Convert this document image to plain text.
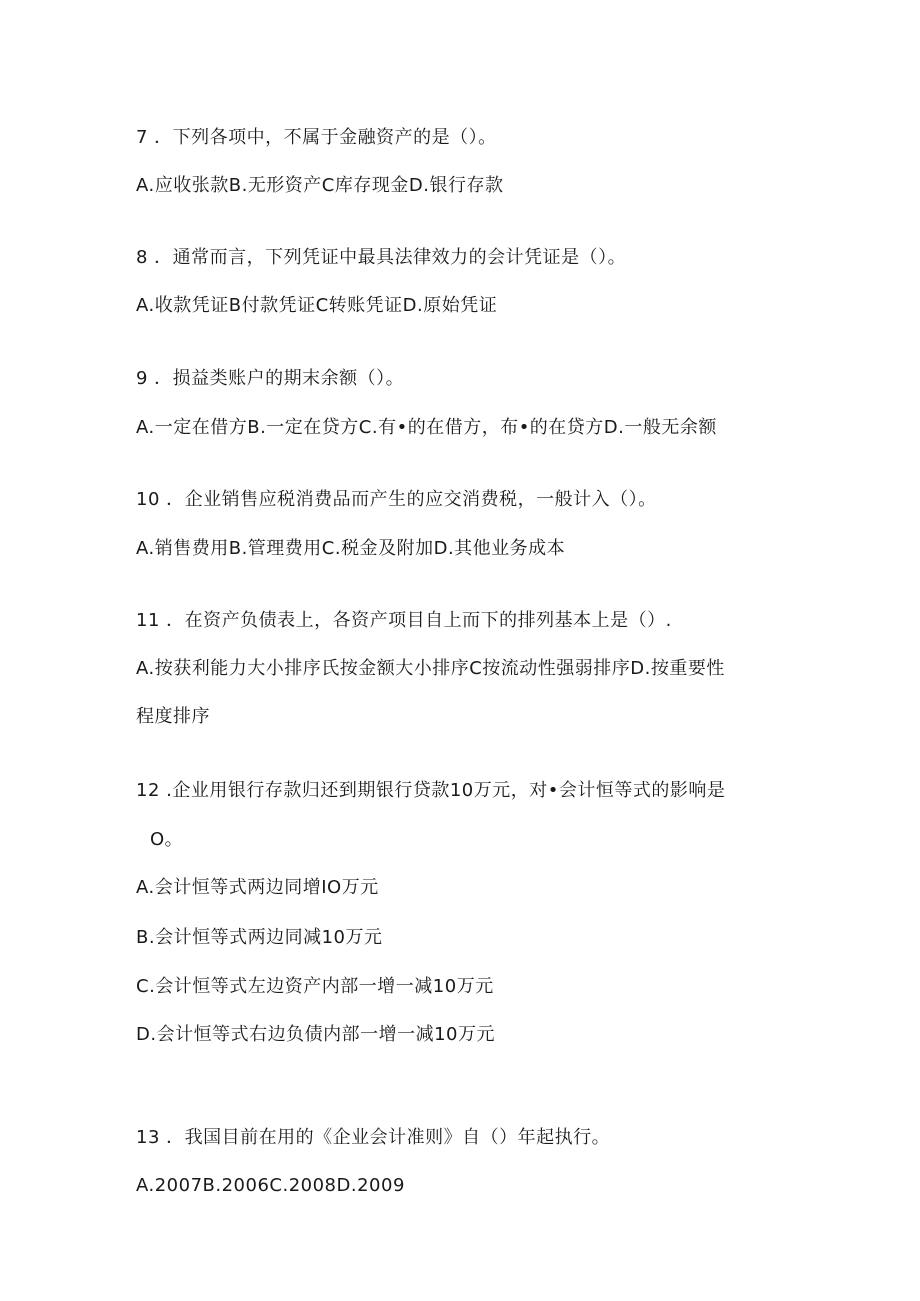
7 ．下列各项中，不属于金融资产的是（）。
A.应收张款B.无形资产C库存现金D.银行存款
8 ．通常而言，下列凭证中最具法律效力的会计凭证是（）。
A.收款凭证B付款凭证C转账凭证D.原始凭证
9 ．损益类账户的期末余额（）。
A.一定在借方B.一定在贷方C.有•的在借方，布•的在贷方D.一般无余额
10 ．企业销售应税消费品而产生的应交消费税，一般计入（）。
A.销售费用B.管理费用C.税金及附加D.其他业务成本
11 ．在资产负债表上，各资产项目自上而下的排列基本上是（）.
A.按获利能力大小排序氏按金额大小排序C按流动性强弱排序D.按重要性
程度排序
12 .企业用银行存款归还到期银行贷款10万元，对•会计恒等式的影响是
O。
A.会计恒等式两边同增IO万元
B.会计恒等式两边同减10万元
C.会计恒等式左边资产内部一增一减10万元
D.会计恒等式右边负债内部一增一减10万元
13 ．我国目前在用的《企业会计准则》自（）年起执行。
A.2007B.2006C.2008D.2009
